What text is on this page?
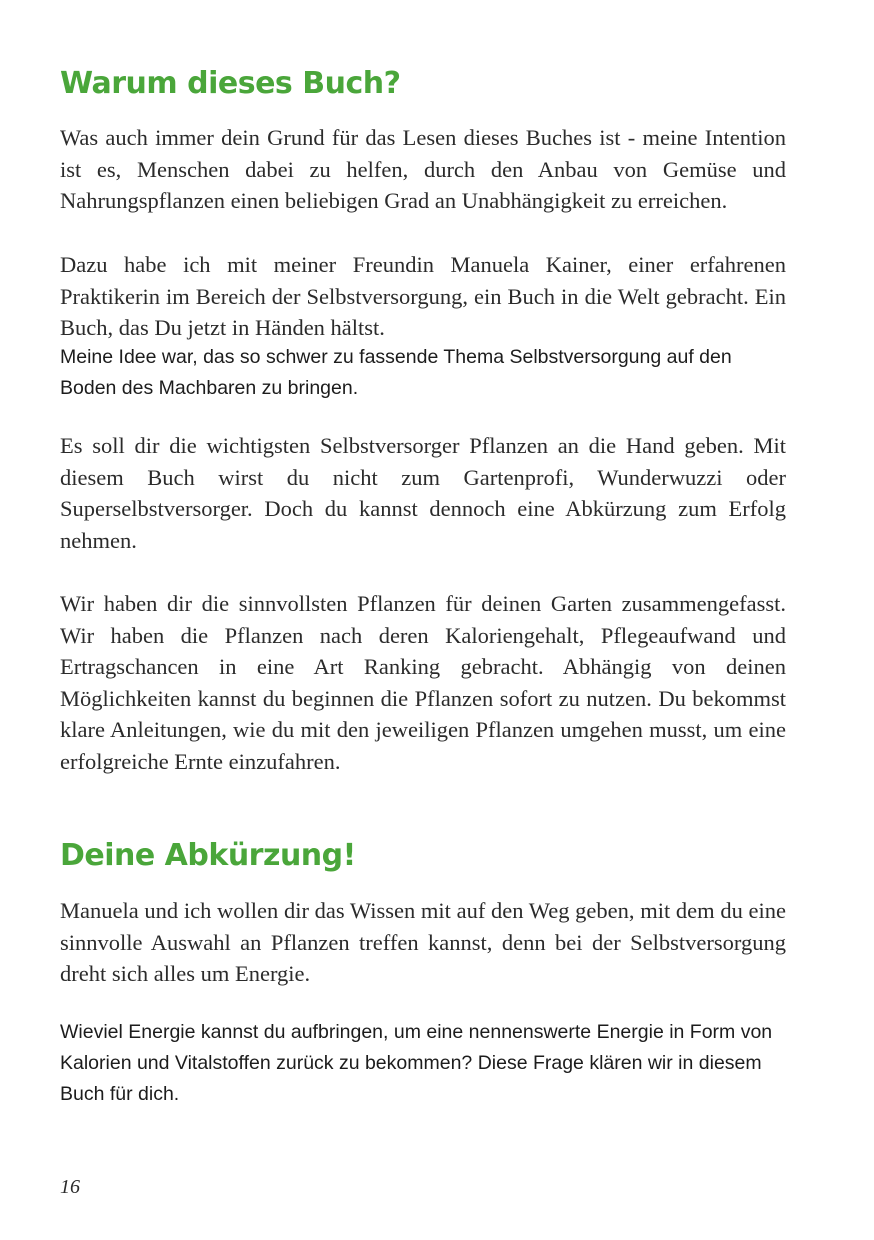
Warum dieses Buch?

Was auch immer dein Grund für das Lesen dieses Buches ist - meine Intention ist es, Menschen dabei zu helfen, durch den Anbau von Gemüse und Nahrungspflanzen einen beliebigen Grad an Unabhängigkeit zu erreichen.

Dazu habe ich mit meiner Freundin Manuela Kainer, einer erfahrenen Praktikerin im Bereich der Selbstversorgung, ein Buch in die Welt gebracht. Ein Buch, das Du jetzt in Händen hältst.

Meine Idee war, das so schwer zu fassende Thema Selbstversorgung auf den Boden des Machbaren zu bringen.

Es soll dir die wichtigsten Selbstversorger Pflanzen an die Hand geben. Mit diesem Buch wirst du nicht zum Gartenprofi, Wunderwuzzi oder Superselbstversorger. Doch du kannst dennoch eine Abkürzung zum Erfolg nehmen.

Wir haben dir die sinnvollsten Pflanzen für deinen Garten zusammengefasst. Wir haben die Pflanzen nach deren Kaloriengehalt, Pflegeaufwand und Ertragschancen in eine Art Ranking gebracht. Abhängig von deinen Möglichkeiten kannst du beginnen die Pflanzen sofort zu nutzen. Du bekommst klare Anleitungen, wie du mit den jeweiligen Pflanzen umgehen musst, um eine erfolgreiche Ernte einzufahren.

Deine Abkürzung!

Manuela und ich wollen dir das Wissen mit auf den Weg geben, mit dem du eine sinnvolle Auswahl an Pflanzen treffen kannst, denn bei der Selbstversorgung dreht sich alles um Energie.

Wieviel Energie kannst du aufbringen, um eine nennenswerte Energie in Form von Kalorien und Vitalstoffen zurück zu bekommen? Diese Frage klären wir in diesem Buch für dich.

16
